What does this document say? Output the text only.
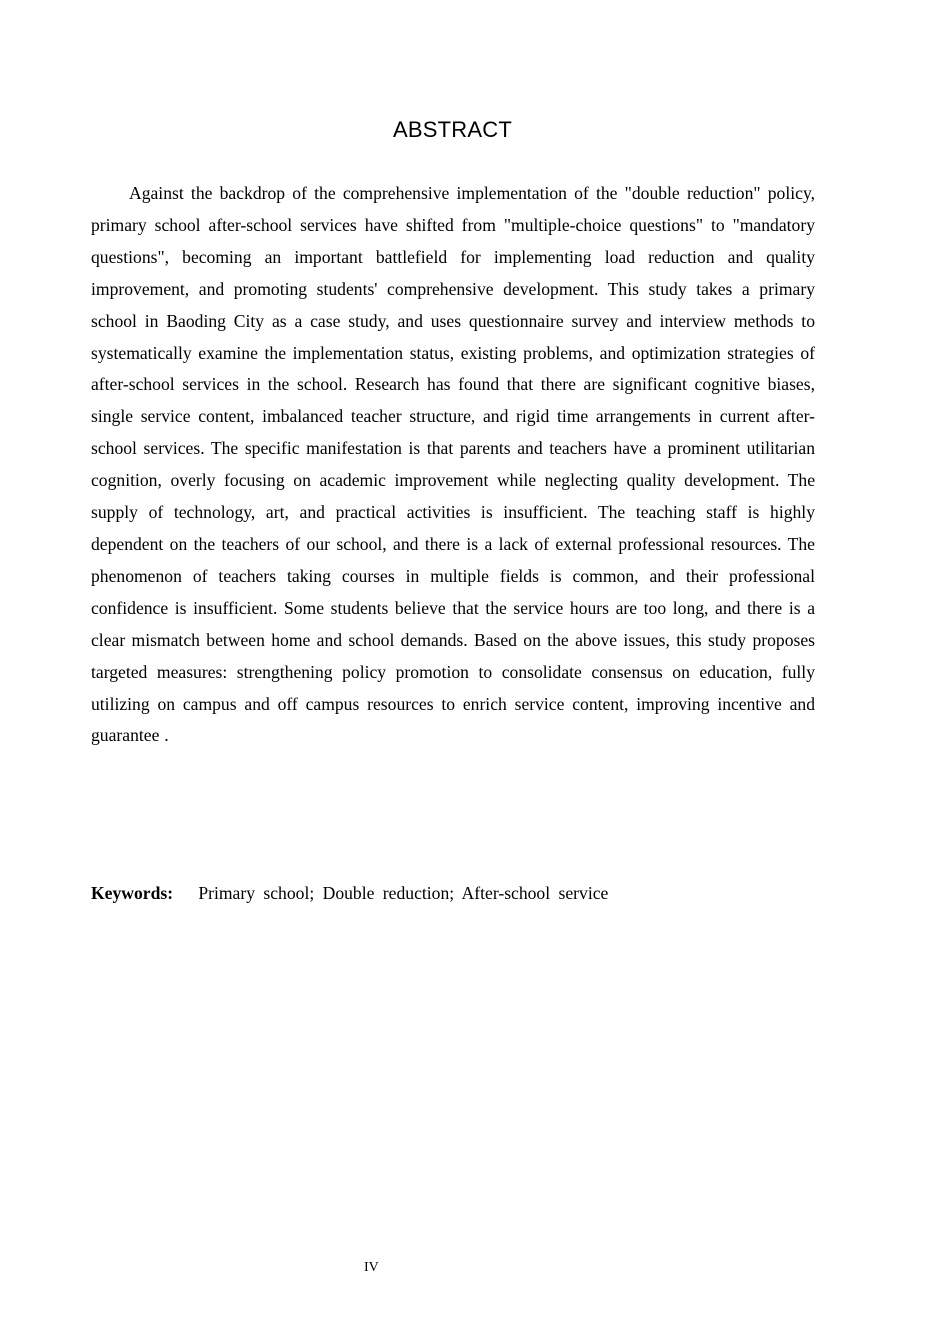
ABSTRACT

Against the backdrop of the comprehensive implementation of the "double reduction" policy, primary school after-school services have shifted from "multiple-choice questions" to "mandatory questions", becoming an important battlefield for implementing load reduction and quality improvement, and promoting students' comprehensive development. This study takes a primary school in Baoding City as a case study, and uses questionnaire survey and interview methods to systematically examine the implementation status, existing problems, and optimization strategies of after-school services in the school. Research has found that there are significant cognitive biases, single service content, imbalanced teacher structure, and rigid time arrangements in current after-school services. The specific manifestation is that parents and teachers have a prominent utilitarian cognition, overly focusing on academic improvement while neglecting quality development. The supply of technology, art, and practical activities is insufficient. The teaching staff is highly dependent on the teachers of our school, and there is a lack of external professional resources. The phenomenon of teachers taking courses in multiple fields is common, and their professional confidence is insufficient. Some students believe that the service hours are too long, and there is a clear mismatch between home and school demands. Based on the above issues, this study proposes targeted measures: strengthening policy promotion to consolidate consensus on education, fully utilizing on campus and off campus resources to enrich service content, improving incentive and guarantee .

Keywords: Primary school; Double reduction; After-school service
IV
